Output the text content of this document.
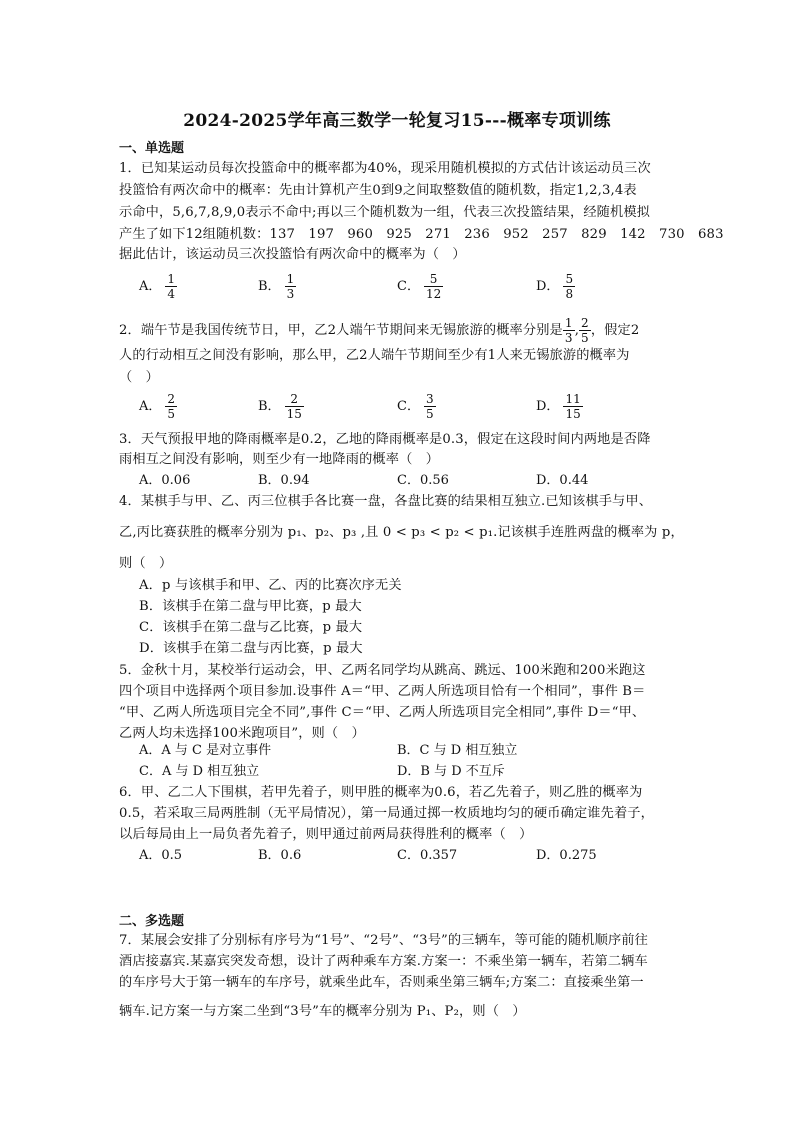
2024-2025学年高三数学一轮复习15---概率专项训练
一、单选题
1．已知某运动员每次投篮命中的概率都为40%，现采用随机模拟的方式估计该运动员三次
投篮恰有两次命中的概率：先由计算机产生0到9之间取整数值的随机数，指定1,2,3,4表
示命中，5,6,7,8,9,0表示不命中;再以三个随机数为一组，代表三次投篮结果，经随机模拟
产生了如下12组随机数：137　197　960　925　271　236　952　257　829　142　730　683
据此估计，该运动员三次投篮恰有两次命中的概率为（　）
A． $\frac{1}{4}$	B． $\frac{1}{3}$	C． $\frac{5}{12}$	D． $\frac{5}{8}$
2．端午节是我国传统节日，甲，乙2人端午节期间来无锡旅游的概率分别是 $\frac{1}{3}$ , $\frac{2}{5}$ ，假定2
人的行动相互之间没有影响，那么甲，乙2人端午节期间至少有1人来无锡旅游的概率为
（　）
A． $\frac{2}{5}$	B． $\frac{2}{15}$	C． $\frac{3}{5}$	D． $\frac{11}{15}$
3．天气预报甲地的降雨概率是0.2，乙地的降雨概率是0.3，假定在这段时间内两地是否降
雨相互之间没有影响，则至少有一地降雨的概率（　）
A．0.06	B．0.94	C．0.56	D．0.44
4．某棋手与甲、乙、丙三位棋手各比赛一盘，各盘比赛的结果相互独立.已知该棋手与甲、
乙,丙比赛获胜的概率分别为 p₁、p₂、p₃ ,且 0 < p₃ < p₂ < p₁.记该棋手连胜两盘的概率为 p，
则（　）
A．p 与该棋手和甲、乙、丙的比赛次序无关
B．该棋手在第二盘与甲比赛，p 最大
C．该棋手在第二盘与乙比赛，p 最大
D．该棋手在第二盘与丙比赛，p 最大
5．金秋十月，某校举行运动会，甲、乙两名同学均从跳高、跳远、100米跑和200米跑这
四个项目中选择两个项目参加.设事件 A＝“甲、乙两人所选项目恰有一个相同”，事件 B＝
“甲、乙两人所选项目完全不同”,事件 C＝“甲、乙两人所选项目完全相同”,事件 D＝“甲、
乙两人均未选择100米跑项目”，则（　）
A．A 与 C 是对立事件	B．C 与 D 相互独立
C．A 与 D 相互独立	D．B 与 D 不互斥
6．甲、乙二人下围棋，若甲先着子，则甲胜的概率为0.6，若乙先着子，则乙胜的概率为
0.5，若采取三局两胜制（无平局情况），第一局通过掷一枚质地均匀的硬币确定谁先着子，
以后每局由上一局负者先着子，则甲通过前两局获得胜利的概率（　）
A．0.5	B．0.6	C．0.357	D．0.275
二、多选题
7．某展会安排了分别标有序号为“1号”、“2号”、“3号”的三辆车，等可能的随机顺序前往
酒店接嘉宾.某嘉宾突发奇想，设计了两种乘车方案.方案一：不乘坐第一辆车，若第二辆车
的车序号大于第一辆车的车序号，就乘坐此车，否则乘坐第三辆车;方案二：直接乘坐第一
辆车.记方案一与方案二坐到“3号”车的概率分别为 P₁、P₂，则（　）
